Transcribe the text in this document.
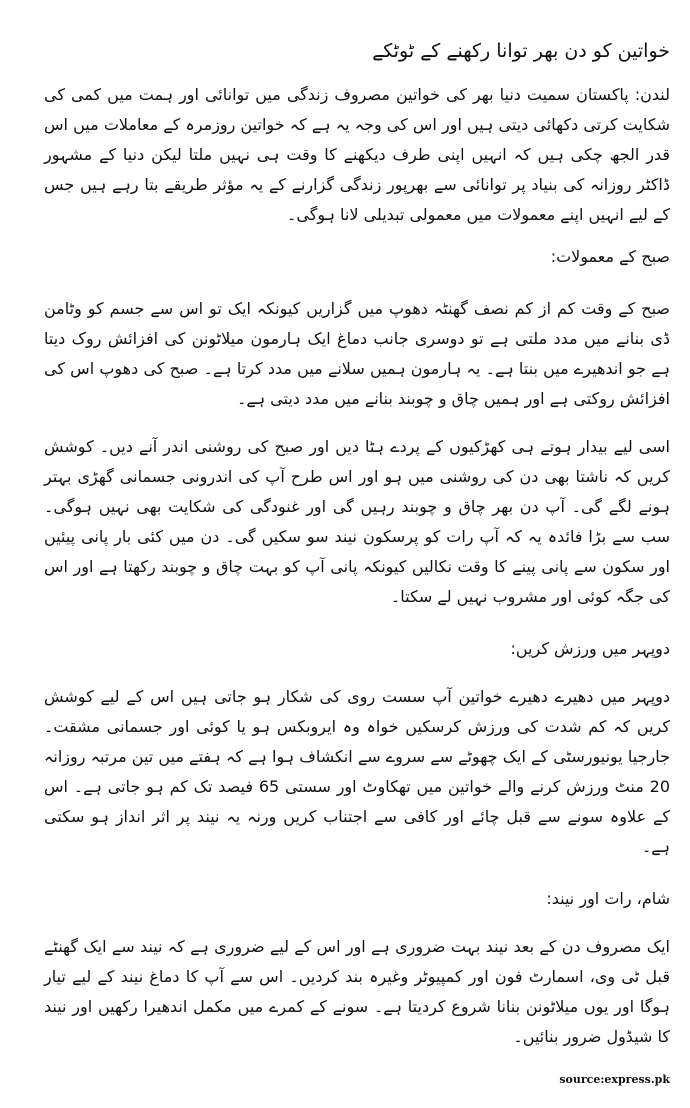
خواتین کو دن بھر توانا رکھنے کے ٹوٹکے

لندن: پاکستان سمیت دنیا بھر کی خواتین مصروف زندگی میں توانائی اور ہمت میں کمی کی شکایت کرتی دکھائی دیتی ہیں اور اس کی وجہ یہ ہے کہ خواتین روزمرہ کے معاملات میں اس قدر الجھ چکی ہیں کہ انہیں اپنی طرف دیکھنے کا وقت ہی نہیں ملتا لیکن دنیا کے مشہور ڈاکٹر روزانہ کی بنیاد پر توانائی سے بھرپور زندگی گزارنے کے یہ مؤثر طریقے بتا رہے ہیں جس کے لیے انہیں اپنے معمولات میں معمولی تبدیلی لانا ہوگی۔

صبح کے معمولات:

صبح کے وقت کم از کم نصف گھنٹہ دھوپ میں گزاریں کیونکہ ایک تو اس سے جسم کو وٹامن ڈی بنانے میں مدد ملتی ہے تو دوسری جانب دماغ ایک ہارمون میلاٹونن کی افزائش روک دیتا ہے جو اندھیرے میں بنتا ہے۔ یہ ہارمون ہمیں سلانے میں مدد کرتا ہے۔ صبح کی دھوپ اس کی افزائش روکتی ہے اور ہمیں چاق و چوبند بنانے میں مدد دیتی ہے۔

اسی لیے بیدار ہوتے ہی کھڑکیوں کے پردے ہٹا دیں اور صبح کی روشنی اندر آنے دیں۔ کوشش کریں کہ ناشتا بھی دن کی روشنی میں ہو اور اس طرح آپ کی اندرونی جسمانی گھڑی بہتر ہونے لگے گی۔ آپ دن بھر چاق و چوبند رہیں گی اور غنودگی کی شکایت بھی نہیں ہوگی۔ سب سے بڑا فائدہ یہ کہ آپ رات کو پرسکون نیند سو سکیں گی۔ دن میں کئی بار پانی پیئیں اور سکون سے پانی پینے کا وقت نکالیں کیونکہ پانی آپ کو بہت چاق و چوبند رکھتا ہے اور اس کی جگہ کوئی اور مشروب نہیں لے سکتا۔

دوپہر میں ورزش کریں:

دوپہر میں دھیرے دھیرے خواتین آپ سست روی کی شکار ہو جاتی ہیں اس کے لیے کوشش کریں کہ کم شدت کی ورزش کرسکیں خواہ وہ ایروبکس ہو یا کوئی اور جسمانی مشقت۔ جارجیا یونیورسٹی کے ایک چھوٹے سے سروے سے انکشاف ہوا ہے کہ ہفتے میں تین مرتبہ روزانہ 20 منٹ ورزش کرنے والے خواتین میں تھکاوٹ اور سستی 65 فیصد تک کم ہو جاتی ہے۔ اس کے علاوہ سونے سے قبل چائے اور کافی سے اجتناب کریں ورنہ یہ نیند پر اثر انداز ہو سکتی ہے۔

شام، رات اور نیند:

ایک مصروف دن کے بعد نیند بہت ضروری ہے اور اس کے لیے ضروری ہے کہ نیند سے ایک گھنٹے قبل ٹی وی، اسمارٹ فون اور کمپیوٹر وغیرہ بند کردیں۔ اس سے آپ کا دماغ نیند کے لیے تیار ہوگا اور یوں میلاٹونن بنانا شروع کردیتا ہے۔ سونے کے کمرے میں مکمل اندھیرا رکھیں اور نیند کا شیڈول ضرور بنائیں۔

source:express.pk
